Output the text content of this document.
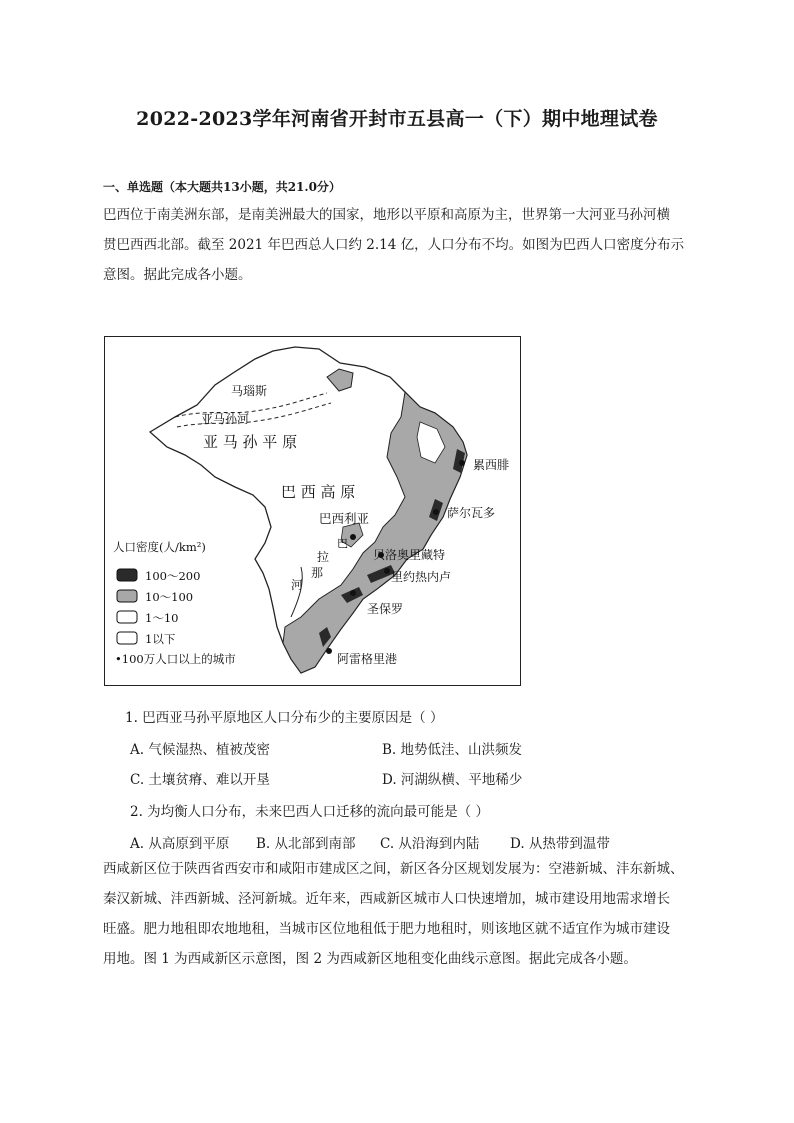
2022-2023学年河南省开封市五县高一（下）期中地理试卷
一、单选题（本大题共13小题，共21.0分）
巴西位于南美洲东部，是南美洲最大的国家，地形以平原和高原为主，世界第一大河亚马孙河横
贯巴西西北部。截至 2021 年巴西总人口约 2.14 亿，人口分布不均。如图为巴西人口密度分布示
意图。据此完成各小题。
马瑙斯
亚马孙河
亚 马 孙 平 原
巴 西 高 原
巴西利亚
拉
巴
那
河
累西腓
萨尔瓦多
贝洛奥里藏特
里约热内卢
圣保罗
阿雷格里港
人口密度(人/km²)
100～200
10～100
1～10
1以下
•100万人口以上的城市
1. 巴西亚马孙平原地区人口分布少的主要原因是（ ）
A. 气候湿热、植被茂密	B. 地势低洼、山洪频发
C. 土壤贫瘠、难以开垦	D. 河湖纵横、平地稀少
2. 为均衡人口分布，未来巴西人口迁移的流向最可能是（ ）
A. 从高原到平原 B. 从北部到南部 C. 从沿海到内陆 D. 从热带到温带
西咸新区位于陕西省西安市和咸阳市建成区之间，新区各分区规划发展为：空港新城、沣东新城、
秦汉新城、沣西新城、泾河新城。近年来，西咸新区城市人口快速增加，城市建设用地需求增长
旺盛。肥力地租即农地地租，当城市区位地租低于肥力地租时，则该地区就不适宜作为城市建设
用地。图 1 为西咸新区示意图，图 2 为西咸新区地租变化曲线示意图。据此完成各小题。
